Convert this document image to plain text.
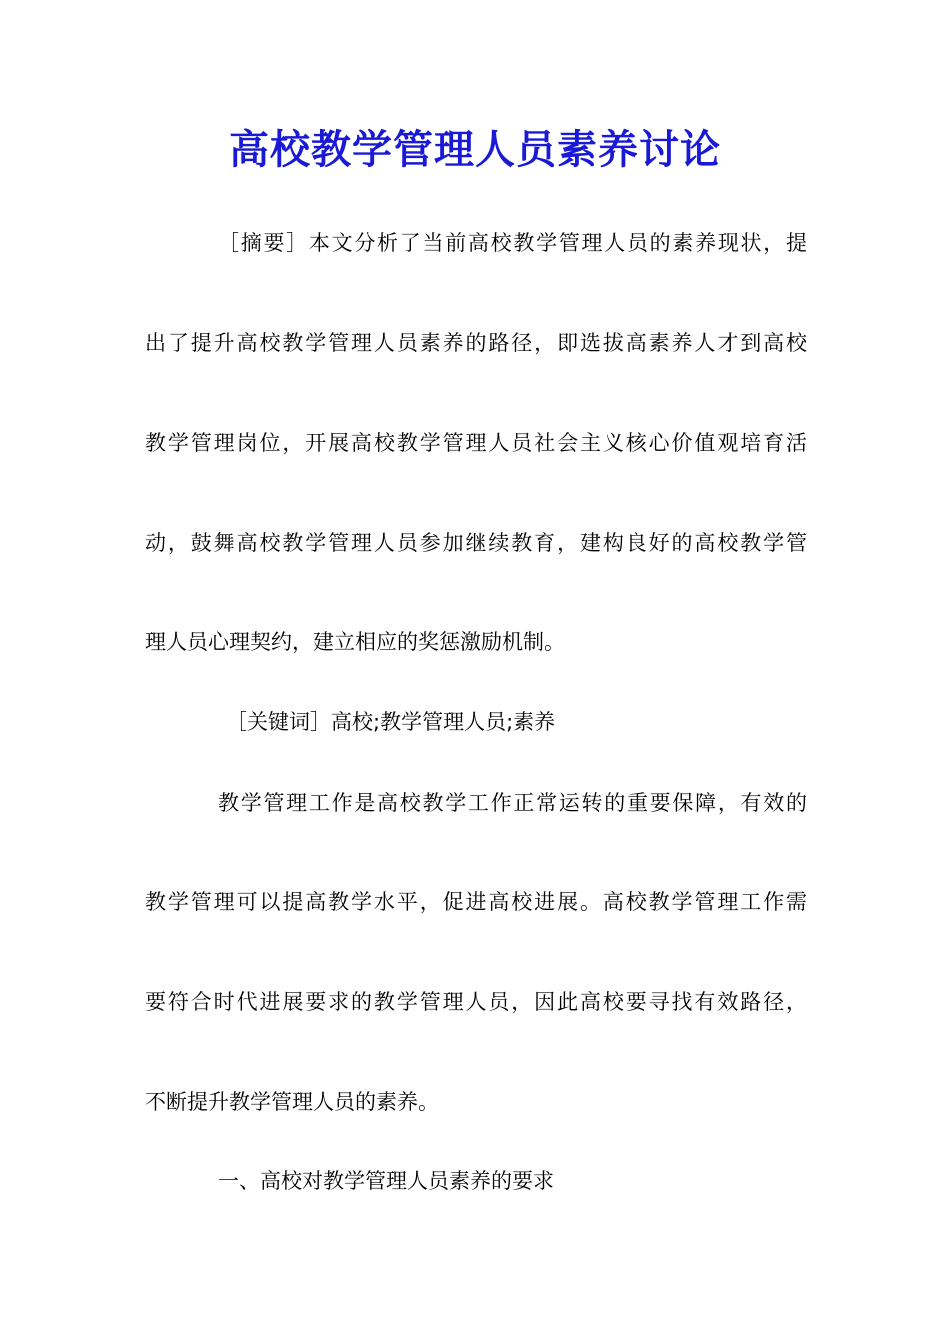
高校教学管理人员素养讨论
［摘要］本文分析了当前高校教学管理人员的素养现状，提
出了提升高校教学管理人员素养的路径，即选拔高素养人才到高校
教学管理岗位，开展高校教学管理人员社会主义核心价值观培育活
动，鼓舞高校教学管理人员参加继续教育，建构良好的高校教学管
理人员心理契约，建立相应的奖惩激励机制。
［关键词］高校;教学管理人员;素养
教学管理工作是高校教学工作正常运转的重要保障，有效的
教学管理可以提高教学水平，促进高校进展。高校教学管理工作需
要符合时代进展要求的教学管理人员，因此高校要寻找有效路径，
不断提升教学管理人员的素养。
一、高校对教学管理人员素养的要求
